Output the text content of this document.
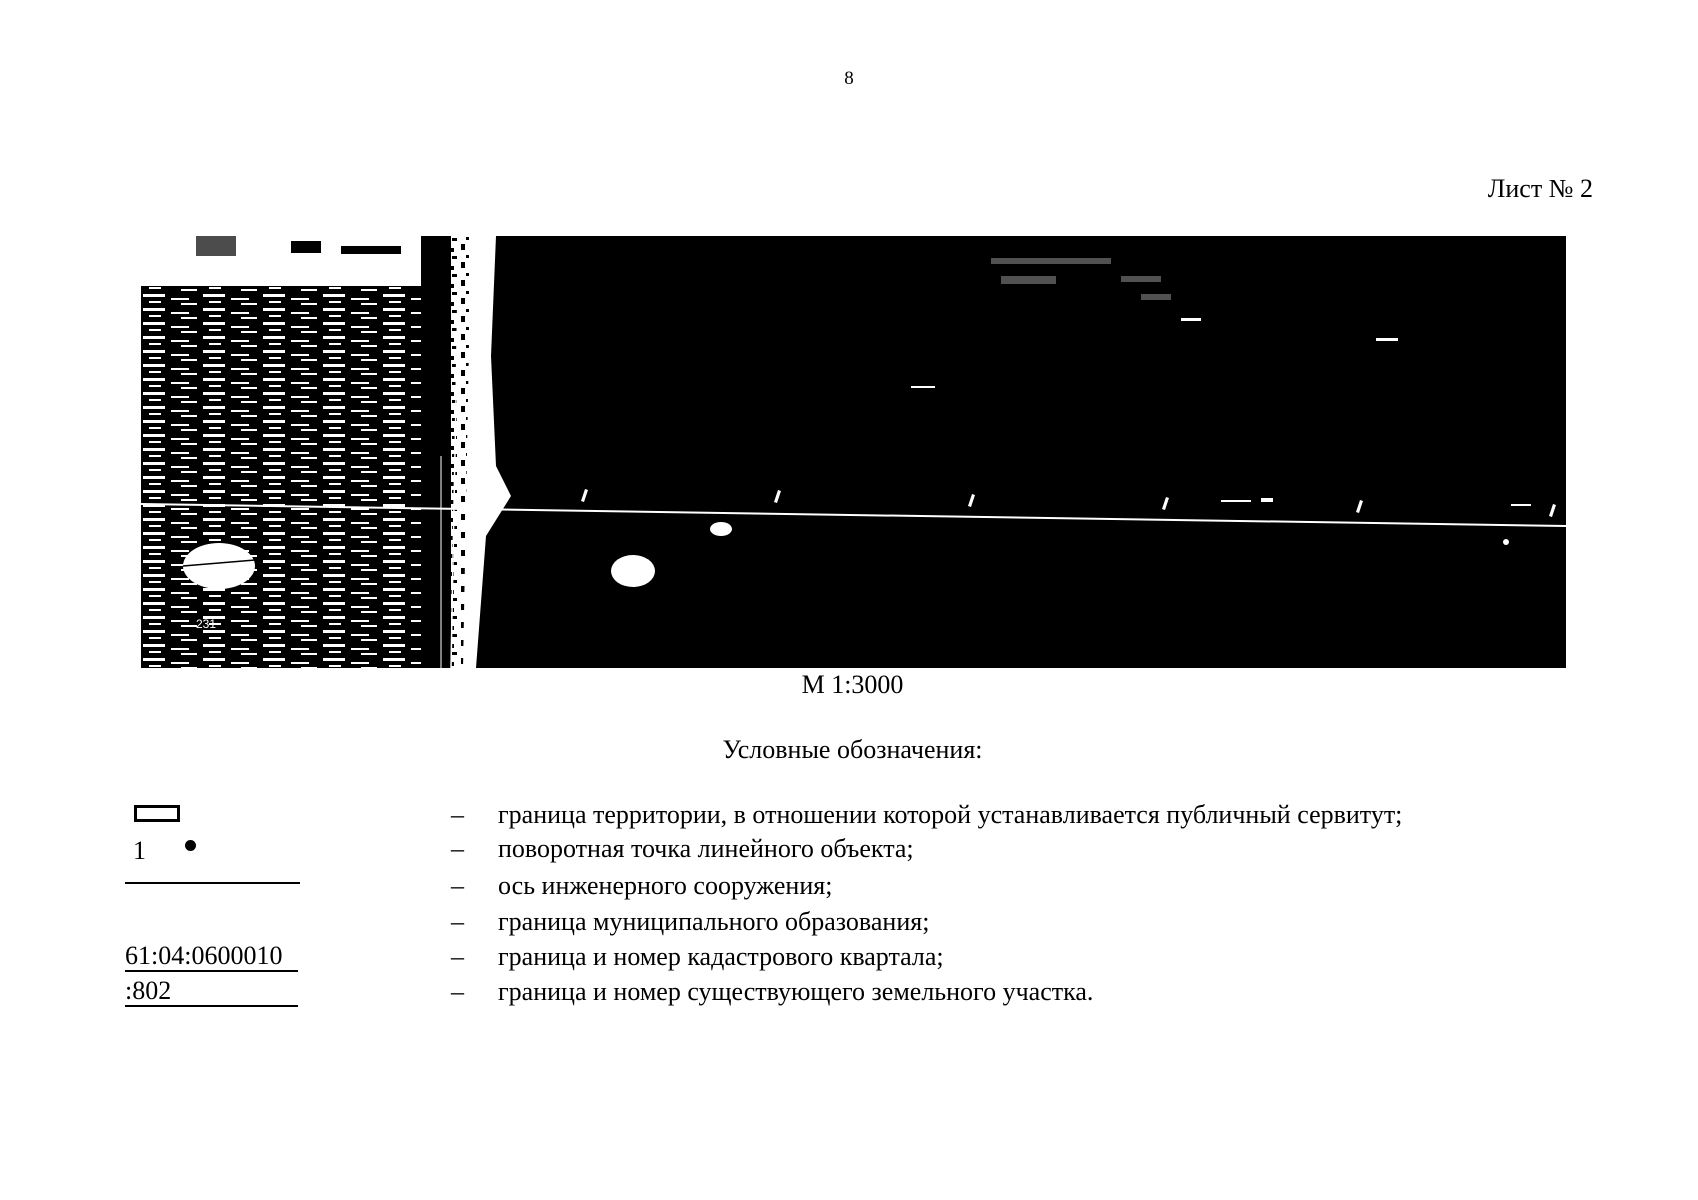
8
Лист № 2
231
М 1:3000
Условные обозначения:
– граница территории, в отношении которой устанавливается публичный сервитут;
1	– поворотная точка линейного объекта;
– ось инженерного сооружения;
– граница муниципального образования;
61:04:0600010	– граница и номер кадастрового квартала;
:802	– граница и номер существующего земельного участка.
